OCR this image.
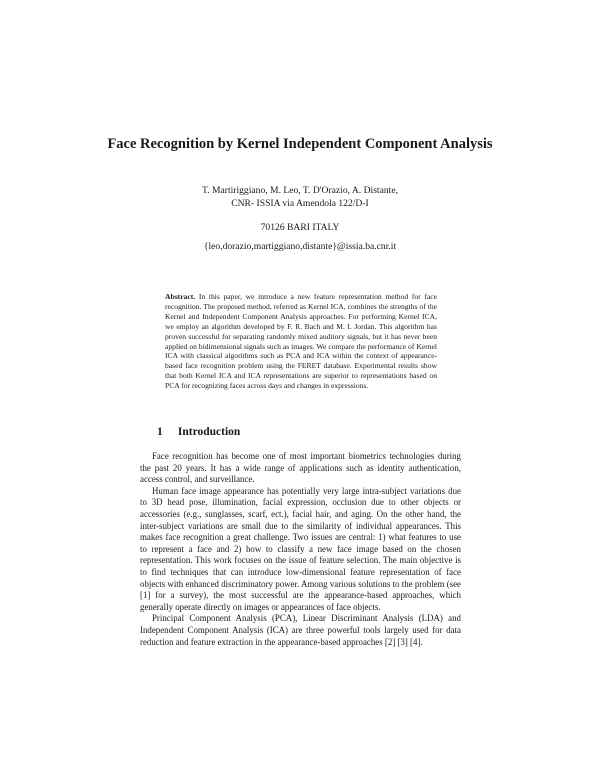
Face Recognition by Kernel Independent Component Analysis
T. Martiriggiano, M. Leo, T. D'Orazio, A. Distante,
CNR- ISSIA via Amendola 122/D-I
70126 BARI ITALY
{leo,dorazio,martiggiano,distante}@issia.ba.cnr.it
Abstract. In this paper, we introduce a new feature representation method for face recognition. The proposed method, referred as Kernel ICA, combines the strengths of the Kernel and Independent Component Analysis approaches. For performing Kernel ICA, we employ an algorithm developed by F. R. Bach and M. I. Jordan. This algorithm has proven successful for separating randomly mixed auditory signals, but it has never been applied on bidimensional signals such as images. We compare the performance of Kernel ICA with classical algorithms such as PCA and ICA within the context of appearance-based face recognition problem using the FERET database. Experimental results show that both Kernel ICA and ICA representations are superior to representations based on PCA for recognizing faces across days and changes in expressions.
1 Introduction

Face recognition has become one of most important biometrics technologies during the past 20 years. It has a wide range of applications such as identity authentication, access control, and surveillance.

Human face image appearance has potentially very large intra-subject variations due to 3D head pose, illumination, facial expression, occlusion due to other objects or accessories (e.g., sunglasses, scarf, ect.), facial hair, and aging. On the other hand, the inter-subject variations are small due to the similarity of individual appearances. This makes face recognition a great challenge. Two issues are central: 1) what features to use to represent a face and 2) how to classify a new face image based on the chosen representation. This work focuses on the issue of feature selection. The main objective is to find techniques that can introduce low-dimensional feature representation of face objects with enhanced discriminatory power. Among various solutions to the problem (see [1] for a survey), the most successful are the appearance-based approaches, which generally operate directly on images or appearances of face objects.

Principal Component Analysis (PCA), Linear Discriminant Analysis (LDA) and Independent Component Analysis (ICA) are three powerful tools largely used for data reduction and feature extraction in the appearance-based approaches [2] [3] [4].
